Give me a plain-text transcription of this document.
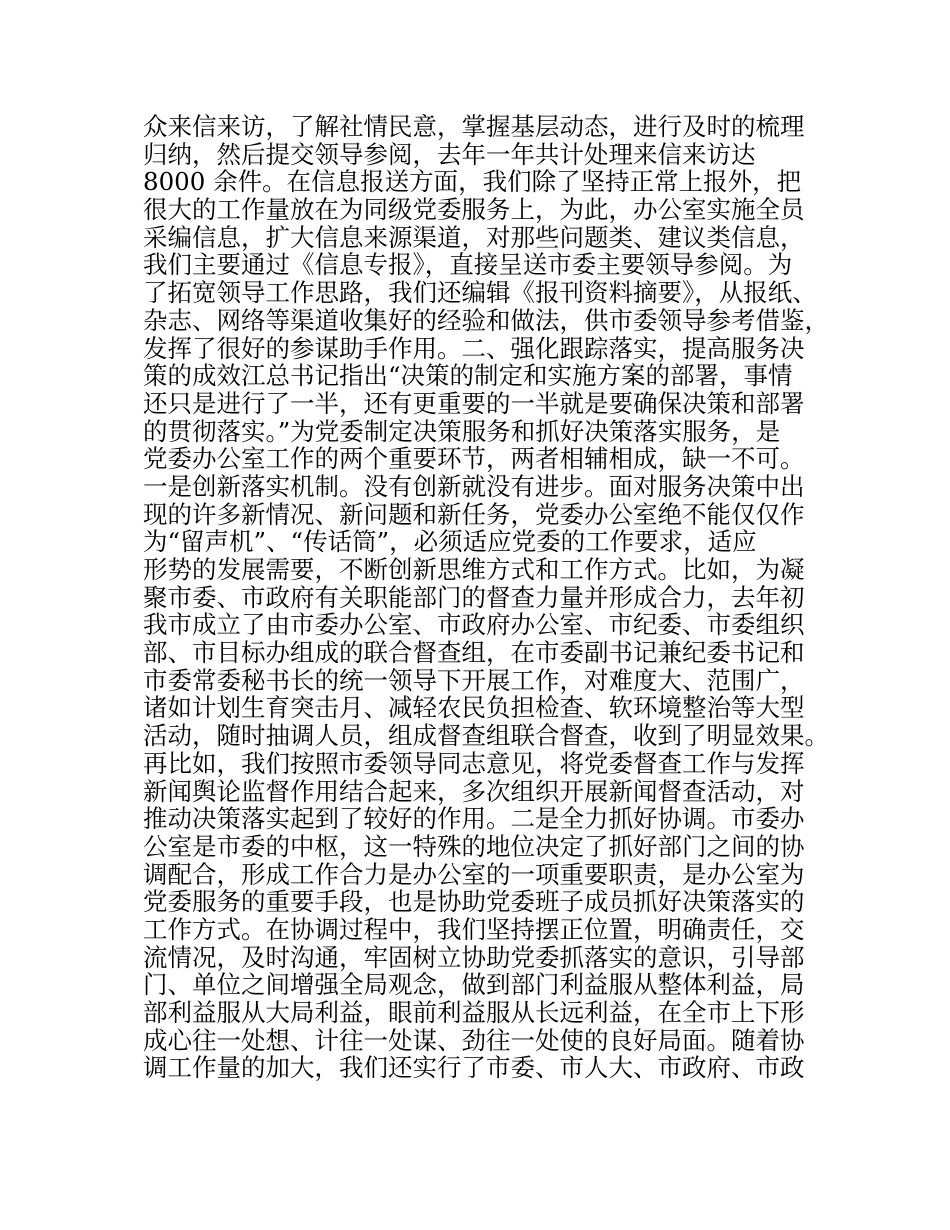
众来信来访，了解社情民意，掌握基层动态，进行及时的梳理
归纳，然后提交领导参阅，去年一年共计处理来信来访达
8000 余件。在信息报送方面，我们除了坚持正常上报外，把
很大的工作量放在为同级党委服务上，为此，办公室实施全员
采编信息，扩大信息来源渠道，对那些问题类、建议类信息，
我们主要通过《信息专报》，直接呈送市委主要领导参阅。为
了拓宽领导工作思路，我们还编辑《报刊资料摘要》，从报纸、
杂志、网络等渠道收集好的经验和做法，供市委领导参考借鉴，
发挥了很好的参谋助手作用。二、强化跟踪落实，提高服务决
策的成效江总书记指出“决策的制定和实施方案的部署，事情
还只是进行了一半，还有更重要的一半就是要确保决策和部署
的贯彻落实。”为党委制定决策服务和抓好决策落实服务，是
党委办公室工作的两个重要环节，两者相辅相成，缺一不可。
一是创新落实机制。没有创新就没有进步。面对服务决策中出
现的许多新情况、新问题和新任务，党委办公室绝不能仅仅作
为“留声机”、“传话筒”，必须适应党委的工作要求，适应
形势的发展需要，不断创新思维方式和工作方式。比如，为凝
聚市委、市政府有关职能部门的督查力量并形成合力，去年初
我市成立了由市委办公室、市政府办公室、市纪委、市委组织
部、市目标办组成的联合督查组，在市委副书记兼纪委书记和
市委常委秘书长的统一领导下开展工作，对难度大、范围广，
诸如计划生育突击月、减轻农民负担检查、软环境整治等大型
活动，随时抽调人员，组成督查组联合督查，收到了明显效果。
再比如，我们按照市委领导同志意见，将党委督查工作与发挥
新闻舆论监督作用结合起来，多次组织开展新闻督查活动，对
推动决策落实起到了较好的作用。二是全力抓好协调。市委办
公室是市委的中枢，这一特殊的地位决定了抓好部门之间的协
调配合，形成工作合力是办公室的一项重要职责，是办公室为
党委服务的重要手段，也是协助党委班子成员抓好决策落实的
工作方式。在协调过程中，我们坚持摆正位置，明确责任，交
流情况，及时沟通，牢固树立协助党委抓落实的意识，引导部
门、单位之间增强全局观念，做到部门利益服从整体利益，局
部利益服从大局利益，眼前利益服从长远利益，在全市上下形
成心往一处想、计往一处谋、劲往一处使的良好局面。随着协
调工作量的加大，我们还实行了市委、市人大、市政府、市政
